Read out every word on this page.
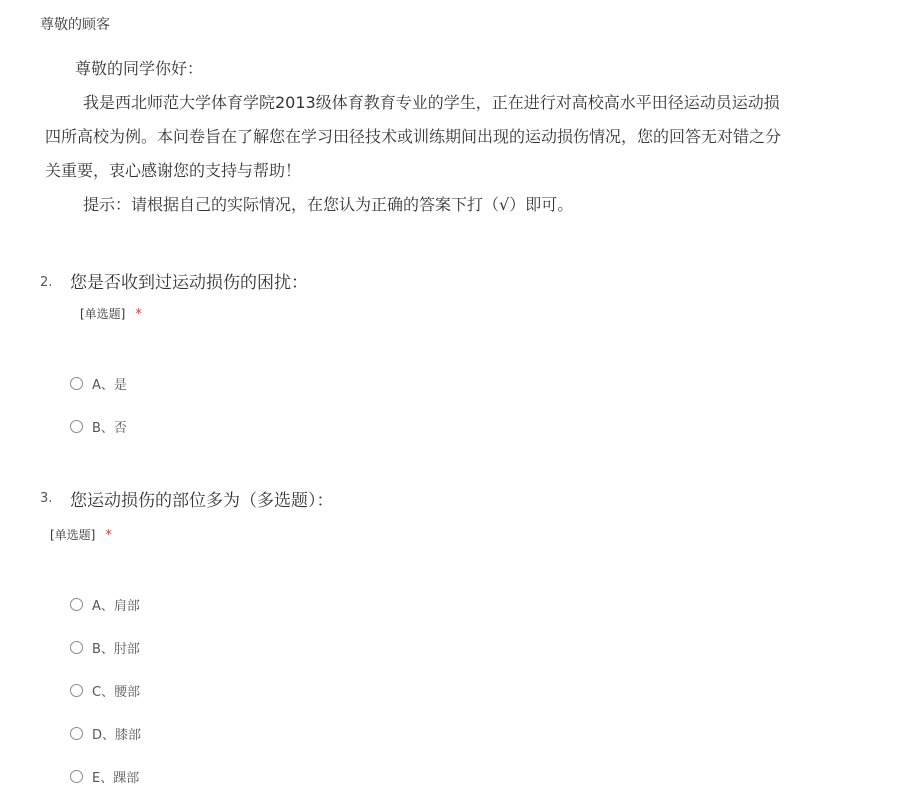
尊敬的顾客

尊敬的同学你好：

我是西北师范大学体育学院2013级体育教育专业的学生，正在进行对高校高水平田径运动员运动损

四所高校为例。本问卷旨在了解您在学习田径技术或训练期间出现的运动损伤情况，您的回答无对错之分

关重要，衷心感谢您的支持与帮助！

提示：请根据自己的实际情况，在您认为正确的答案下打（√）即可。

2. 您是否收到过运动损伤的困扰：
[单选题] *
A、是
B、否
3. 您运动损伤的部位多为（多选题）：
[单选题] *
A、肩部
B、肘部
C、腰部
D、膝部
E、踝部
